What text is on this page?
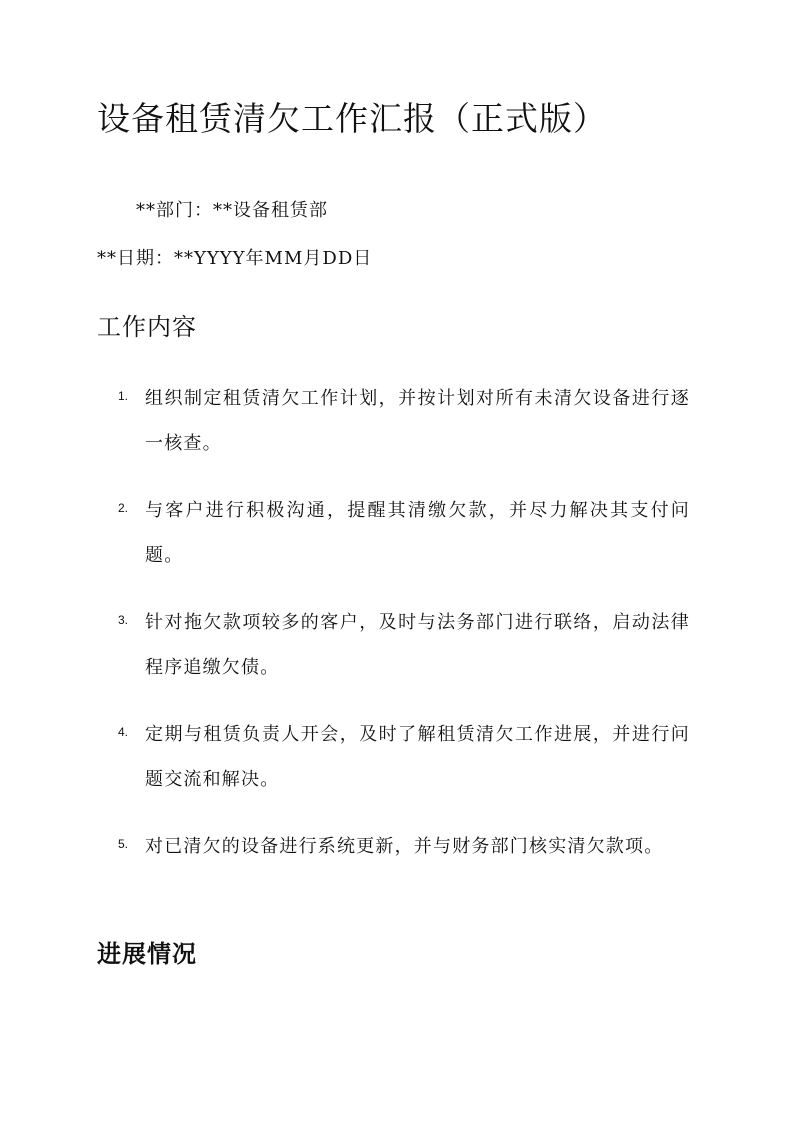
设备租赁清欠工作汇报（正式版）

**部门：**设备租赁部

**日期：**YYYY年MM月DD日

工作内容
1. 组织制定租赁清欠工作计划，并按计划对所有未清欠设备进行逐一核查。
2. 与客户进行积极沟通，提醒其清缴欠款，并尽力解决其支付问题。
3. 针对拖欠款项较多的客户，及时与法务部门进行联络，启动法律程序追缴欠债。
4. 定期与租赁负责人开会，及时了解租赁清欠工作进展，并进行问题交流和解决。
5. 对已清欠的设备进行系统更新，并与财务部门核实清欠款项。
进展情况
